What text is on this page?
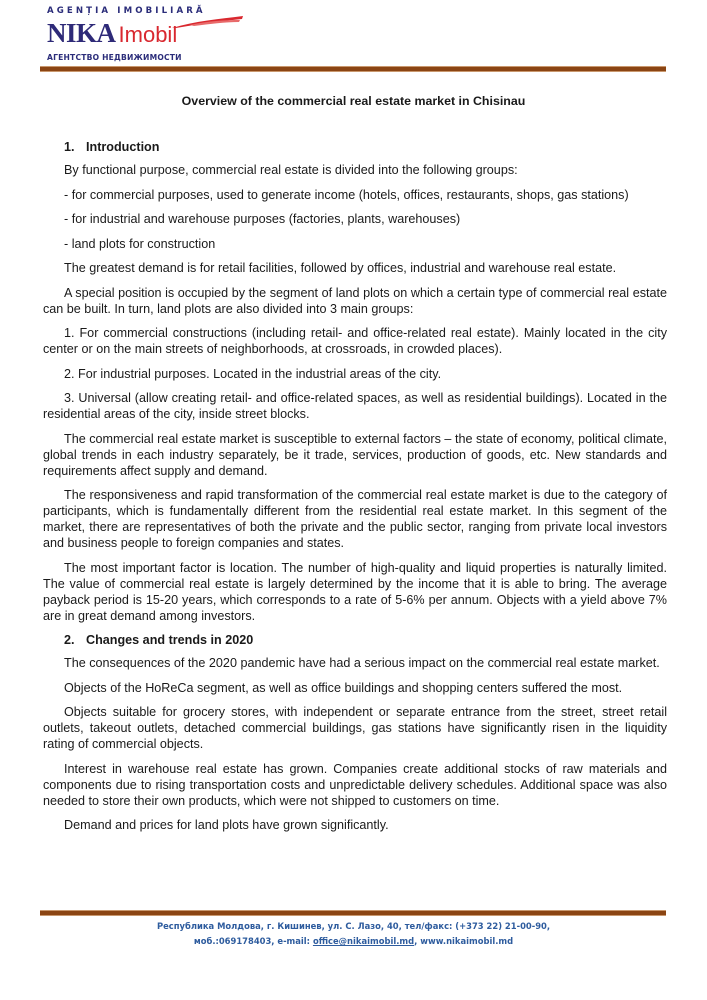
AGENȚIA IMOBILIARĂ
NIKA Imobil
АГЕНТСТВО НЕДВИЖИМОСТИ
Overview of the commercial real estate market in Chisinau
1. Introduction

By functional purpose, commercial real estate is divided into the following groups:

- for commercial purposes, used to generate income (hotels, offices, restaurants, shops, gas stations)

- for industrial and warehouse purposes (factories, plants, warehouses)

- land plots for construction

The greatest demand is for retail facilities, followed by offices, industrial and warehouse real estate.

A special position is occupied by the segment of land plots on which a certain type of commercial real estate can be built. In turn, land plots are also divided into 3 main groups:

1. For commercial constructions (including retail- and office-related real estate). Mainly located in the city center or on the main streets of neighborhoods, at crossroads, in crowded places).

2. For industrial purposes. Located in the industrial areas of the city.

3. Universal (allow creating retail- and office-related spaces, as well as residential buildings). Located in the residential areas of the city, inside street blocks.

The commercial real estate market is susceptible to external factors – the state of economy, political climate, global trends in each industry separately, be it trade, services, production of goods, etc. New standards and requirements affect supply and demand.

The responsiveness and rapid transformation of the commercial real estate market is due to the category of participants, which is fundamentally different from the residential real estate market. In this segment of the market, there are representatives of both the private and the public sector, ranging from private local investors and business people to foreign companies and states.

The most important factor is location. The number of high-quality and liquid properties is naturally limited. The value of commercial real estate is largely determined by the income that it is able to bring. The average payback period is 15-20 years, which corresponds to a rate of 5-6% per annum. Objects with a yield above 7% are in great demand among investors.

2. Changes and trends in 2020

The consequences of the 2020 pandemic have had a serious impact on the commercial real estate market.

Objects of the HoReCa segment, as well as office buildings and shopping centers suffered the most.

Objects suitable for grocery stores, with independent or separate entrance from the street, street retail outlets, takeout outlets, detached commercial buildings, gas stations have significantly risen in the liquidity rating of commercial objects.

Interest in warehouse real estate has grown. Companies create additional stocks of raw materials and components due to rising transportation costs and unpredictable delivery schedules. Additional space was also needed to store their own products, which were not shipped to customers on time.

Demand and prices for land plots have grown significantly.

Республика Молдова, г. Кишинев, ул. С. Лазо, 40, тел/факс: (+373 22) 21-00-90,
моб.:069178403, e-mail: office@nikaimobil.md, www.nikaimobil.md
